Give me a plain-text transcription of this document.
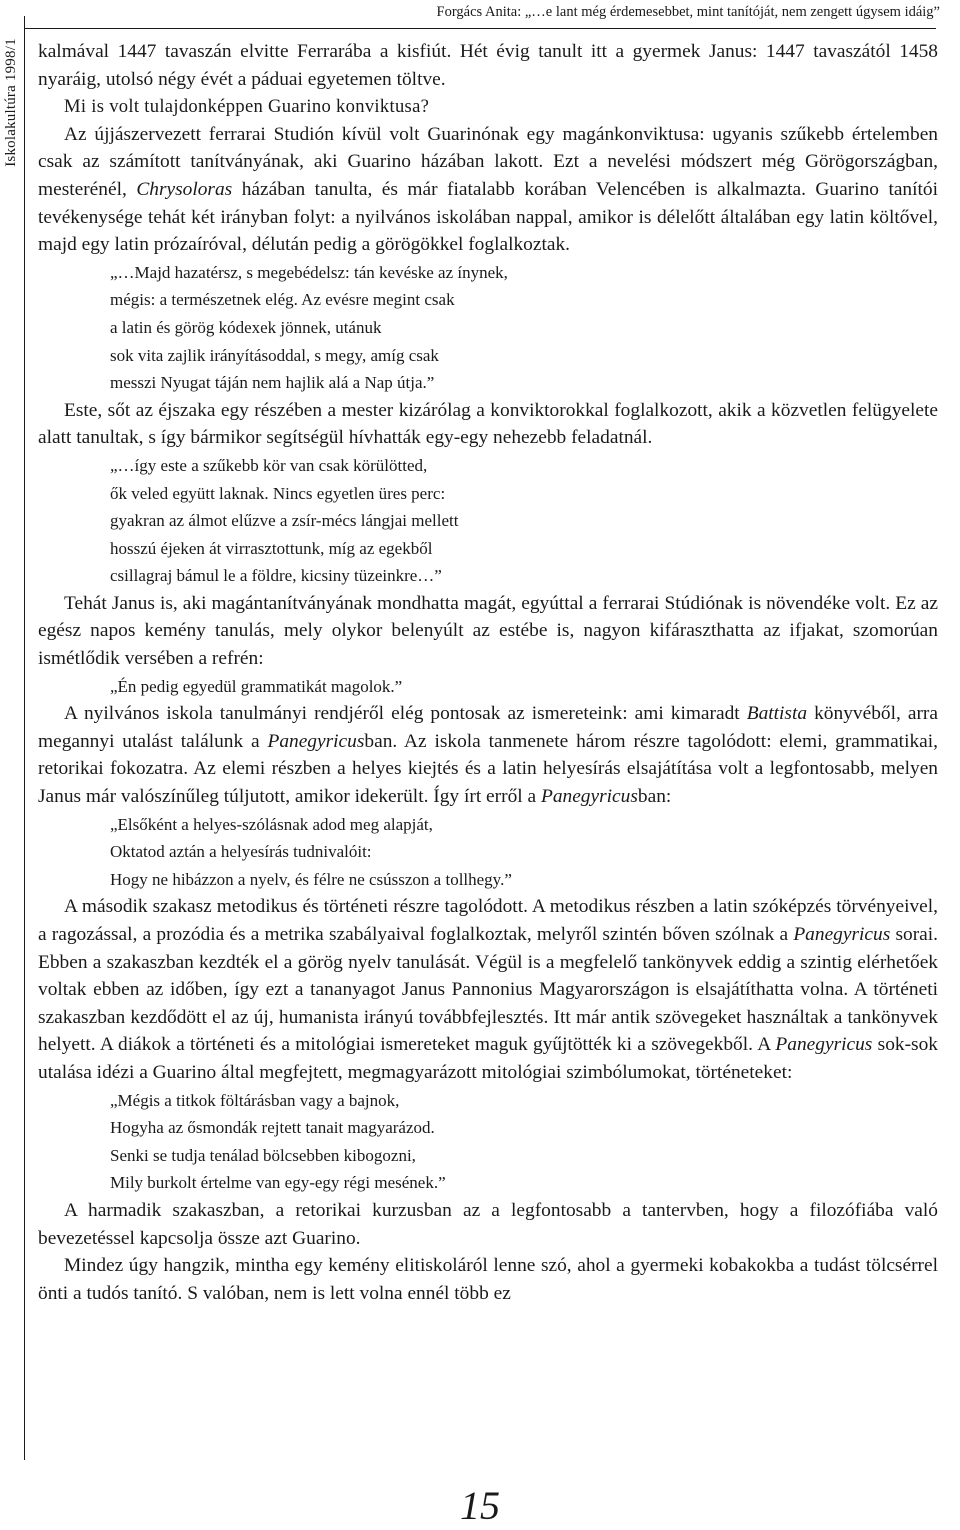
Iskolakultúra 1998/1
Forgács Anita: „…e lant még érdemesebbet, mint tanítóját, nem zengett úgysem idáig”

kalmával 1447 tavaszán elvitte Ferrarába a kisfiút. Hét évig tanult itt a gyermek Janus: 1447 tavaszától 1458 nyaráig, utolsó négy évét a páduai egyetemen töltve.

Mi is volt tulajdonképpen Guarino konviktusa?

Az újjászervezett ferrarai Studión kívül volt Guarinónak egy magánkonviktusa: ugyanis szűkebb értelemben csak az számított tanítványának, aki Guarino házában lakott. Ezt a nevelési módszert még Görögországban, mesterénél, Chrysoloras házában tanulta, és már fiatalabb korában Velencében is alkalmazta. Guarino tanítói tevékenysége tehát két irányban folyt: a nyilvános iskolában nappal, amikor is délelőtt általában egy latin költővel, majd egy latin prózaíróval, délután pedig a görögökkel foglalkoztak.

„…Majd hazatérsz, s megebédelsz: tán kevéske az ínynek,
mégis: a természetnek elég. Az evésre megint csak
a latin és görög kódexek jönnek, utánuk
sok vita zajlik irányításoddal, s megy, amíg csak
messzi Nyugat táján nem hajlik alá a Nap útja.”

Este, sőt az éjszaka egy részében a mester kizárólag a konviktorokkal foglalkozott, akik a közvetlen felügyelete alatt tanultak, s így bármikor segítségül hívhatták egy-egy nehezebb feladatnál.

„…így este a szűkebb kör van csak körülötted,
ők veled együtt laknak. Nincs egyetlen üres perc:
gyakran az álmot elűzve a zsír-mécs lángjai mellett
hosszú éjeken át virrasztottunk, míg az egekből
csillagraj bámul le a földre, kicsiny tüzeinkre…”

Tehát Janus is, aki magántanítványának mondhatta magát, egyúttal a ferrarai Stúdiónak is növendéke volt. Ez az egész napos kemény tanulás, mely olykor belenyúlt az estébe is, nagyon kifáraszthatta az ifjakat, szomorúan ismétlődik versében a refrén:

„Én pedig egyedül grammatikát magolok.”

A nyilvános iskola tanulmányi rendjéről elég pontosak az ismereteink: ami kimaradt Battista könyvéből, arra megannyi utalást találunk a Panegyricusban. Az iskola tanmenete három részre tagolódott: elemi, grammatikai, retorikai fokozatra. Az elemi részben a helyes kiejtés és a latin helyesírás elsajátítása volt a legfontosabb, melyen Janus már valószínűleg túljutott, amikor idekerült. Így írt erről a Panegyricusban:

„Elsőként a helyes-szólásnak adod meg alapját,
Oktatod aztán a helyesírás tudnivalóit:
Hogy ne hibázzon a nyelv, és félre ne csússzon a tollhegy.”

A második szakasz metodikus és történeti részre tagolódott. A metodikus részben a latin szóképzés törvényeivel, a ragozással, a prozódia és a metrika szabályaival foglalkoztak, melyről szintén bőven szólnak a Panegyricus sorai. Ebben a szakaszban kezdték el a görög nyelv tanulását. Végül is a megfelelő tankönyvek eddig a szintig elérhetőek voltak ebben az időben, így ezt a tananyagot Janus Pannonius Magyarországon is elsajátíthatta volna. A történeti szakaszban kezdődött el az új, humanista irányú továbbfejlesztés. Itt már antik szövegeket használtak a tankönyvek helyett. A diákok a történeti és a mitológiai ismereteket maguk gyűjtötték ki a szövegekből. A Panegyricus sok-sok utalása idézi a Guarino által megfejtett, megmagyarázott mitológiai szimbólumokat, történeteket:

„Mégis a titkok föltárásban vagy a bajnok,
Hogyha az ősmondák rejtett tanait magyarázod.
Senki se tudja tenálad bölcsebben kibogozni,
Mily burkolt értelme van egy-egy régi mesének.”

A harmadik szakaszban, a retorikai kurzusban az a legfontosabb a tantervben, hogy a filozófiába való bevezetéssel kapcsolja össze azt Guarino.

Mindez úgy hangzik, mintha egy kemény elitiskoláról lenne szó, ahol a gyermeki kobakokba a tudást tölcsérrel önti a tudós tanító. S valóban, nem is lett volna ennél több ez

15
